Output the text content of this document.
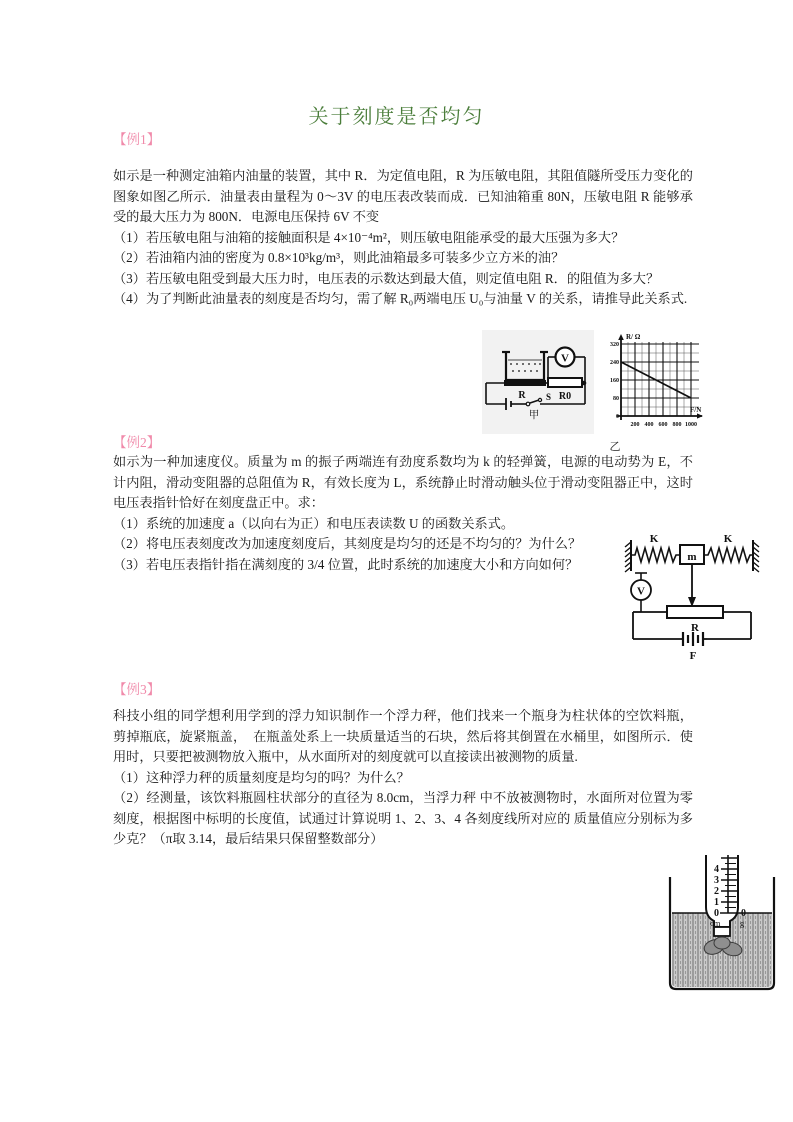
关于刻度是否均匀
【例1】

如示是一种测定油箱内油量的装置，其中 R．为定值电阻，R 为压敏电阻，其阻值隧所受压力变化的图象如图乙所示．油量表由量程为 0～3V 的电压表改装而成．已知油箱重 80N，压敏电阻 R 能够承受的最大压力为 800N．电源电压保持 6V 不变

（1）若压敏电阻与油箱的接触面积是 4×10⁻⁴m²，则压敏电阻能承受的最大压强为多大？

（2）若油箱内油的密度为 0.8×10³kg/m³，则此油箱最多可装多少立方米的油？

（3）若压敏电阻受到最大压力时，电压表的示数达到最大值，则定值电阻 R．的阻值为多大？

（4）为了判断此油量表的刻度是否均匀，需了解 R₀两端电压 U₀与油量 V 的关系，请推导此关系式.

R S R0
V
甲
320
240
160
80
0
200 400 600 800 1000
R/ Ω
F/N
乙
【例2】

如示为一种加速度仪。质量为 m 的振子两端连有劲度系数均为 k 的轻弹簧，电源的电动势为 E，不计内阻，滑动变阻器的总阻值为 R，有效长度为 L，系统静止时滑动触头位于滑动变阻器正中，这时电压表指针恰好在刻度盘正中。求：

（1）系统的加速度 a（以向右为正）和电压表读数 U 的函数关系式。

（2）将电压表刻度改为加速度刻度后，其刻度是均匀的还是不均匀的？为什么？

（3）若电压表指针指在满刻度的 3/4 位置，此时系统的加速度大小和方向如何？	m
K	K
V
R
F
【例3】

科技小组的同学想利用学到的浮力知识制作一个浮力秤，他们找来一个瓶身为柱状体的空饮料瓶，剪掉瓶底，旋紧瓶盖，　在瓶盖处系上一块质量适当的石块，然后将其倒置在水桶里，如图所示．使用时，只要把被测物放入瓶中，从水面所对的刻度就可以直接读出被测物的质量.

（1）这种浮力秤的质量刻度是均匀的吗？为什么？

（2）经测量，该饮料瓶圆柱状部分的直径为 8.0cm，当浮力秤 中不放被测物时，水面所对位置为零刻度，根据图中标明的长度值，试通过计算说明 1、2、3、4 各刻度线所对应的 质量值应分别标为多少克？（π取 3.14，最后结果只保留整数部分）

0
1
2
3
4
cm
0
g
